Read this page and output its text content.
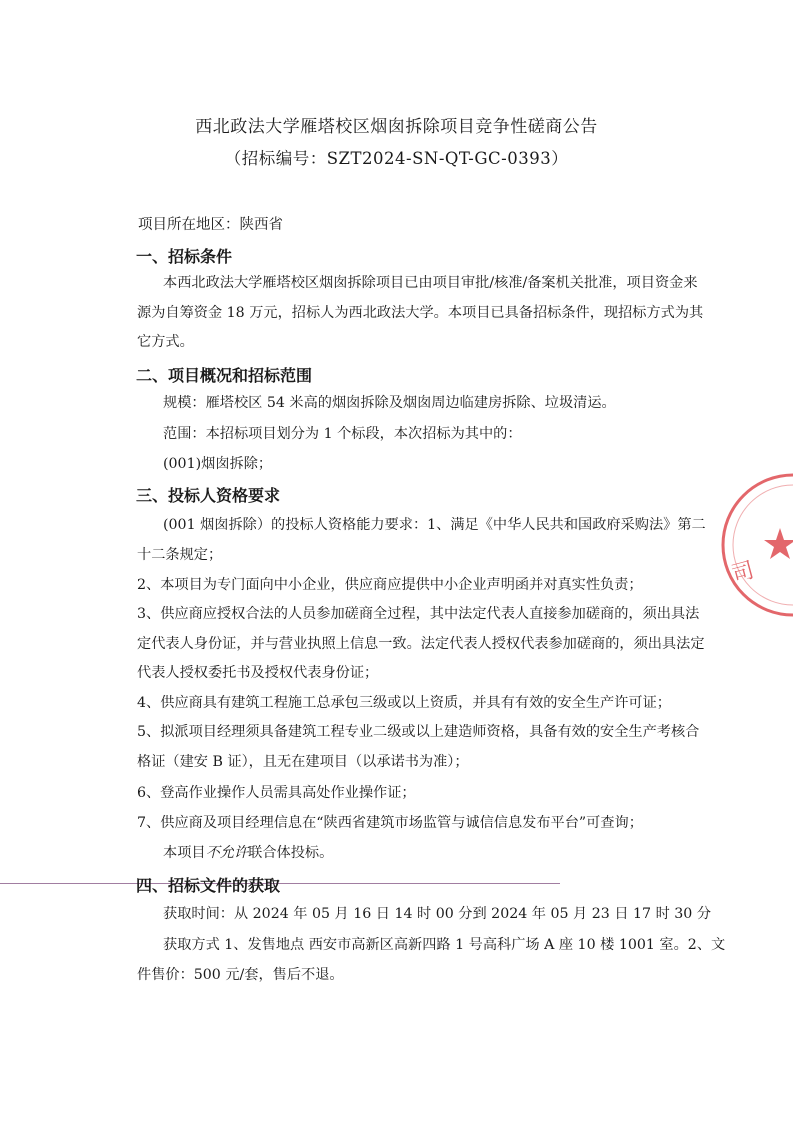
西北政法大学雁塔校区烟囱拆除项目竞争性磋商公告
（招标编号：SZT2024-SN-QT-GC-0393）
项目所在地区：陕西省
一、招标条件
本西北政法大学雁塔校区烟囱拆除项目已由项目审批/核准/备案机关批准，项目资金来
源为自筹资金 18 万元，招标人为西北政法大学。本项目已具备招标条件，现招标方式为其
它方式。
二、项目概况和招标范围
规模：雁塔校区 54 米高的烟囱拆除及烟囱周边临建房拆除、垃圾清运。
范围：本招标项目划分为 1 个标段，本次招标为其中的：
(001)烟囱拆除；
三、投标人资格要求
(001 烟囱拆除）的投标人资格能力要求：1、满足《中华人民共和国政府采购法》第二
十二条规定；
2、本项目为专门面向中小企业，供应商应提供中小企业声明函并对真实性负责；
3、供应商应授权合法的人员参加磋商全过程，其中法定代表人直接参加磋商的，须出具法
定代表人身份证，并与营业执照上信息一致。法定代表人授权代表参加磋商的，须出具法定
代表人授权委托书及授权代表身份证；
4、供应商具有建筑工程施工总承包三级或以上资质，并具有有效的安全生产许可证；
5、拟派项目经理须具备建筑工程专业二级或以上建造师资格，具备有效的安全生产考核合
格证（建安 B 证），且无在建项目（以承诺书为准）；
6、登高作业操作人员需具高处作业操作证；
7、供应商及项目经理信息在“陕西省建筑市场监管与诚信信息发布平台”可查询；
本项目不允许联合体投标。
四、招标文件的获取
获取时间：从 2024 年 05 月 16 日 14 时 00 分到 2024 年 05 月 23 日 17 时 30 分
获取方式 1、发售地点 西安市高新区高新四路 1 号高科广场 A 座 10 楼 1001 室。2、文
件售价：500 元/套，售后不退。
司
